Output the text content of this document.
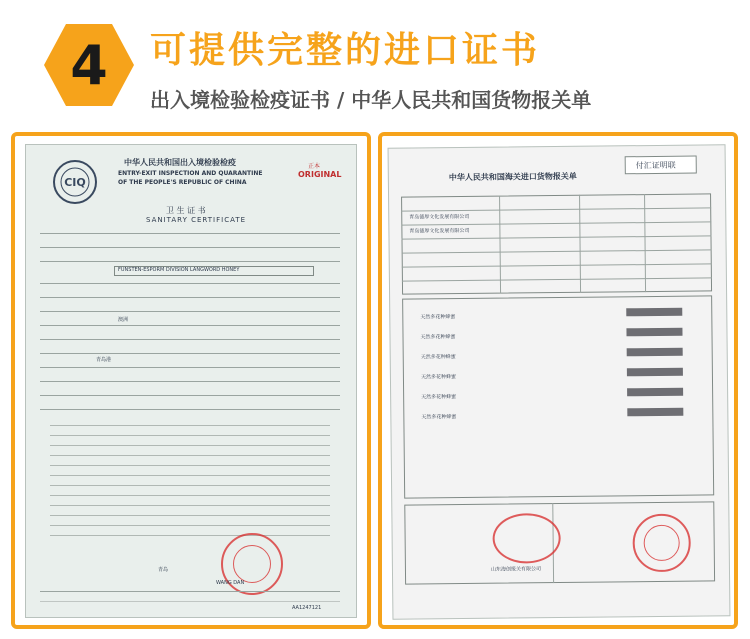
4	可提供完整的进口证书
出入境检验检疫证书 / 中华人民共和国货物报关单
CIQ
中华人民共和国出入境检验检疫
ENTRY-EXIT INSPECTION AND QUARANTINE
OF THE PEOPLE'S REPUBLIC OF CHINA
正本
ORIGINAL
卫 生 证 书
SANITARY CERTIFICATE
FUNSTEN-ESPORM DIVISION LANGWORD HONEY
澳洲
青岛港
青岛
WANG DAN
AA1247121
中华人民共和国海关进口货物报关单
付汇证明联
青岛德厚文化发展有限公司
青岛德厚文化发展有限公司
天然多花种蜂蜜
天然多花种蜂蜜
天然多花种蜂蜜
天然多花种蜂蜜
天然多花种蜂蜜
天然多花种蜂蜜
山东海创报关有限公司
